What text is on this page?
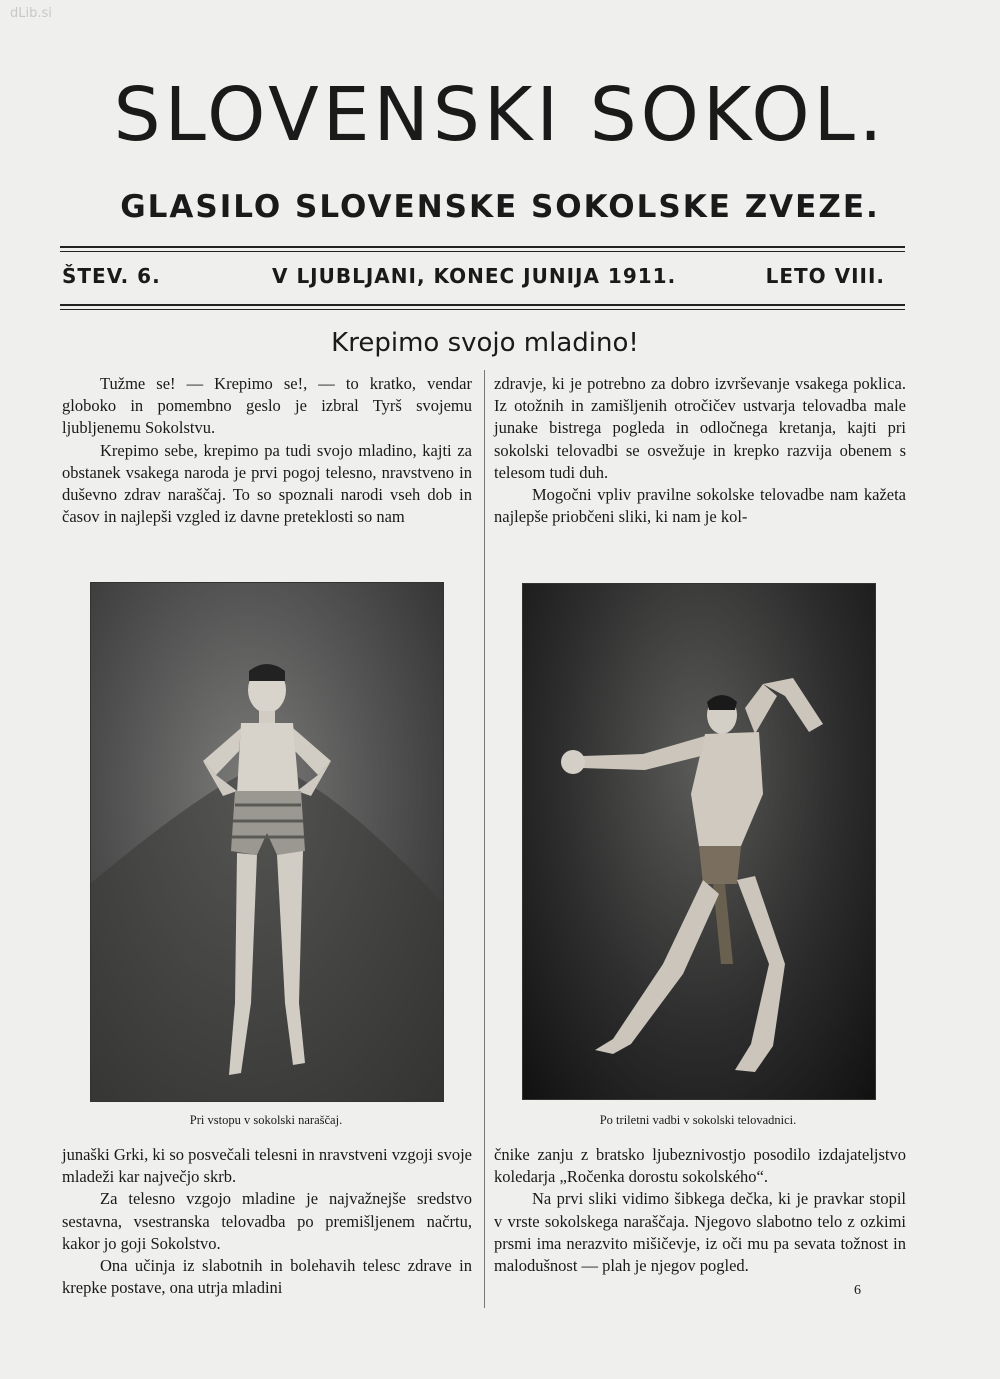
dLib.si
SLOVENSKI SOKOL.
GLASILO SLOVENSKE SOKOLSKE ZVEZE.
ŠTEV. 6.	V LJUBLJANI, KONEC JUNIJA 1911.	LETO VIII.
Krepimo svojo mladino!

Tužme se! — Krepimo se!, — to kratko, vendar globoko in pomembno geslo je izbral Tyrš svojemu ljubljenemu Sokolstvu.

Krepimo sebe, krepimo pa tudi svojo mladino, kajti za obstanek vsakega naroda je prvi pogoj telesno, nravstveno in duševno zdrav naraščaj. To so spoznali narodi vseh dob in časov in najlepši vzgled iz davne preteklosti so nam

zdravje, ki je potrebno za dobro izvrševanje vsakega poklica. Iz otožnih in zamišljenih otročičev ustvarja telovadba male junake bistrega pogleda in odločnega kretanja, kajti pri sokolski telovadbi se osvežuje in krepko razvija obenem s telesom tudi duh.

Mogočni vpliv pravilne sokolske telovadbe nam kažeta najlepše priobčeni sliki, ki nam je kol-

Pri vstopu v sokolski naraščaj.	Po triletni vadbi v sokolski telovadnici.

junaški Grki, ki so posvečali telesni in nravstveni vzgoji svoje mladeži kar največjo skrb.

Za telesno vzgojo mladine je najvažnejše sredstvo sestavna, vsestranska telovadba po premišljenem načrtu, kakor jo goji Sokolstvo.

Ona učinja iz slabotnih in bolehavih telesc zdrave in krepke postave, ona utrja mladini

čnike zanju z bratsko ljubeznivostjo posodilo izdajateljstvo koledarja „Ročenka dorostu sokolského“.

Na prvi sliki vidimo šibkega dečka, ki je pravkar stopil v vrste sokolskega naraščaja. Njegovo slabotno telo z ozkimi prsmi ima nerazvito mišičevje, iz oči mu pa sevata tožnost in malodušnost — plah je njegov pogled.

6
